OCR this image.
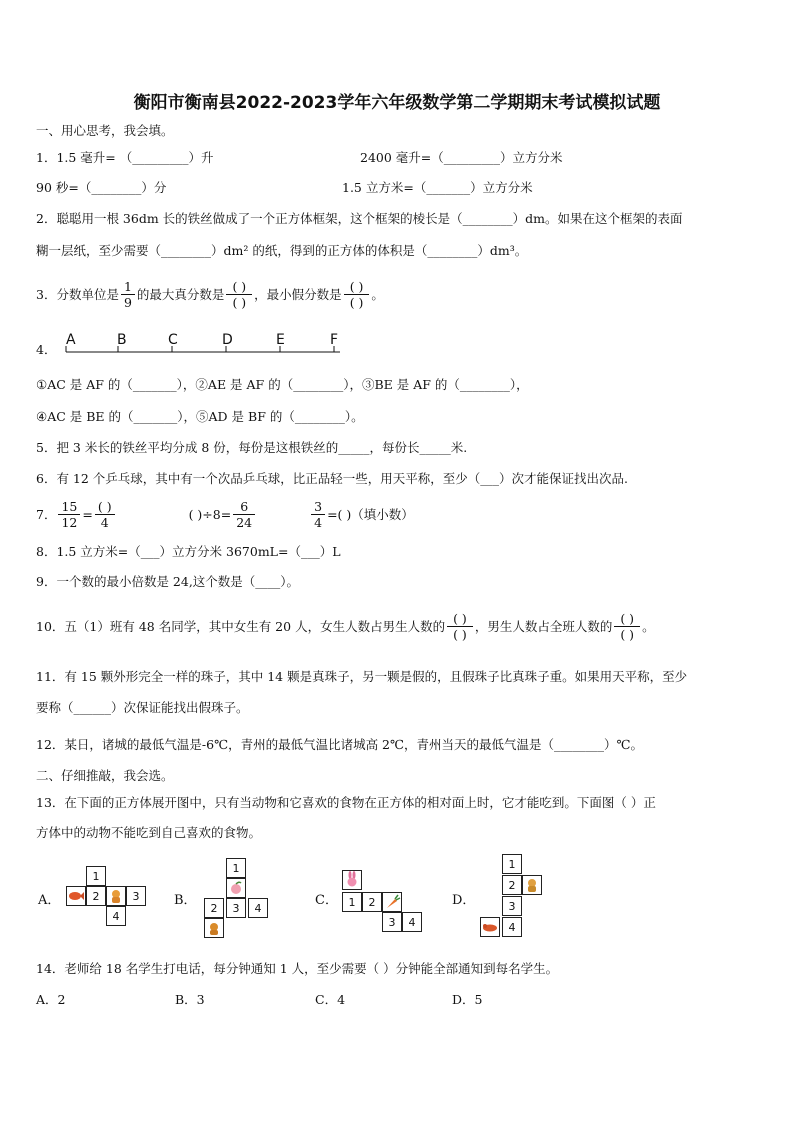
衡阳市衡南县2022-2023学年六年级数学第二学期期末考试模拟试题
一、用心思考，我会填。
1．1.5 毫升= （_________）升	2400 毫升=（_________）立方分米
90 秒=（________）分	1.5 立方米=（_______）立方分米
2．聪聪用一根 36dm 长的铁丝做成了一个正方体框架，这个框架的棱长是（________）dm。如果在这个框架的表面
糊一层纸，至少需要（________）dm² 的纸，得到的正方体的体积是（________）dm³。
3．分数单位是 $\frac{1}{9}$ 的最大真分数是 $\frac{( )}{( )}$ ，最小假分数是 $\frac{( )}{( )}$ 。
4．
A	B	C	D	E	F
①AC 是 AF 的（_______），②AE 是 AF 的（________），③BE 是 AF 的（________），
④AC 是 BE 的（_______），⑤AD 是 BF 的（________）。
5．把 3 米长的铁丝平均分成 8 份，每份是这根铁丝的_____，每份长_____米.
6．有 12 个乒乓球，其中有一个次品乒乓球，比正品轻一些，用天平称，至少（___）次才能保证找出次品.
7． $\frac{15}{12} = \frac{( )}{4}$	( )$\div 8= \frac{6}{24}$	$\frac{3}{4}$ =( )（填小数）
8．1.5 立方米=（___）立方分米 3670mL=（___）L
9．一个数的最小倍数是 24,这个数是（____）。
10．五（1）班有 48 名同学，其中女生有 20 人，女生人数占男生人数的 $\frac{( )}{( )}$ ，男生人数占全班人数的 $\frac{( )}{( )}$ 。
11．有 15 颗外形完全一样的珠子，其中 14 颗是真珠子，另一颗是假的，且假珠子比真珠子重。如果用天平称，至少
要称（______）次保证能找出假珠子。
12．某日，诸城的最低气温是-6℃，青州的最低气温比诸城高 2℃，青州当天的最低气温是（________）℃。
二、仔细推敲，我会选。
13．在下面的正方体展开图中，只有当动物和它喜欢的食物在正方体的相对面上时，它才能吃到。下面图（ ）正
方体中的动物不能吃到自己喜欢的食物。
A．
1
2	3
4
B．
1
2	3	4
C． 1	2
3	4
D．
1
2
3
4
14．老师给 18 名学生打电话，每分钟通知 1 人，至少需要（ ）分钟能全部通知到每名学生。
A．2	B．3	C．4	D．5
